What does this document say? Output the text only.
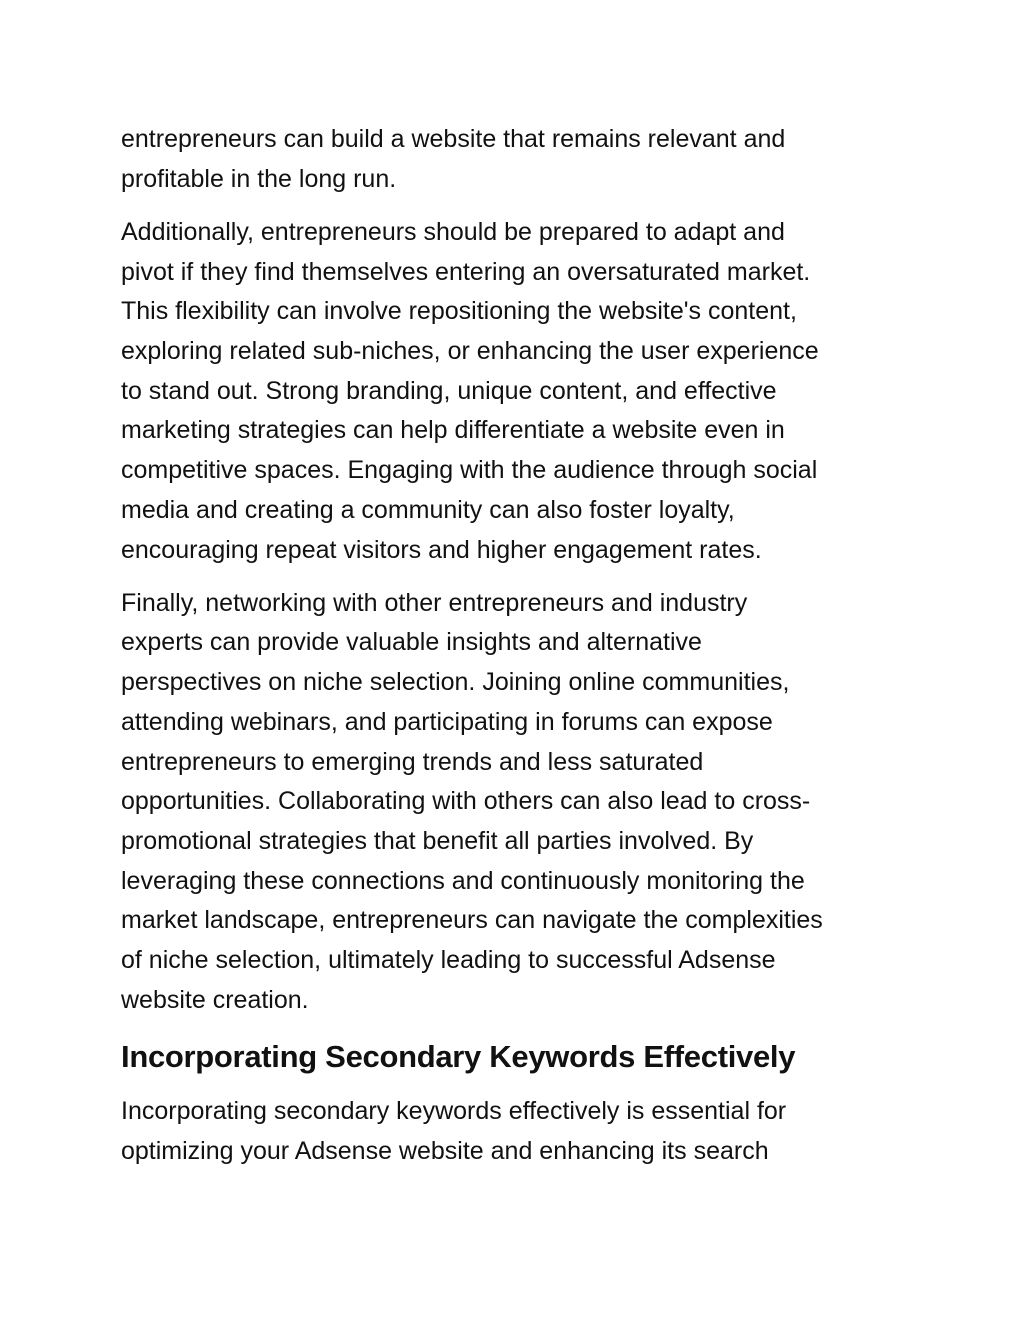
entrepreneurs can build a website that remains relevant and
profitable in the long run.

Additionally, entrepreneurs should be prepared to adapt and
pivot if they find themselves entering an oversaturated market.
This flexibility can involve repositioning the website's content,
exploring related sub-niches, or enhancing the user experience
to stand out. Strong branding, unique content, and effective
marketing strategies can help differentiate a website even in
competitive spaces. Engaging with the audience through social
media and creating a community can also foster loyalty,
encouraging repeat visitors and higher engagement rates.

Finally, networking with other entrepreneurs and industry
experts can provide valuable insights and alternative
perspectives on niche selection. Joining online communities,
attending webinars, and participating in forums can expose
entrepreneurs to emerging trends and less saturated
opportunities. Collaborating with others can also lead to cross-
promotional strategies that benefit all parties involved. By
leveraging these connections and continuously monitoring the
market landscape, entrepreneurs can navigate the complexities
of niche selection, ultimately leading to successful Adsense
website creation.

Incorporating Secondary Keywords Effectively

Incorporating secondary keywords effectively is essential for
optimizing your Adsense website and enhancing its search
